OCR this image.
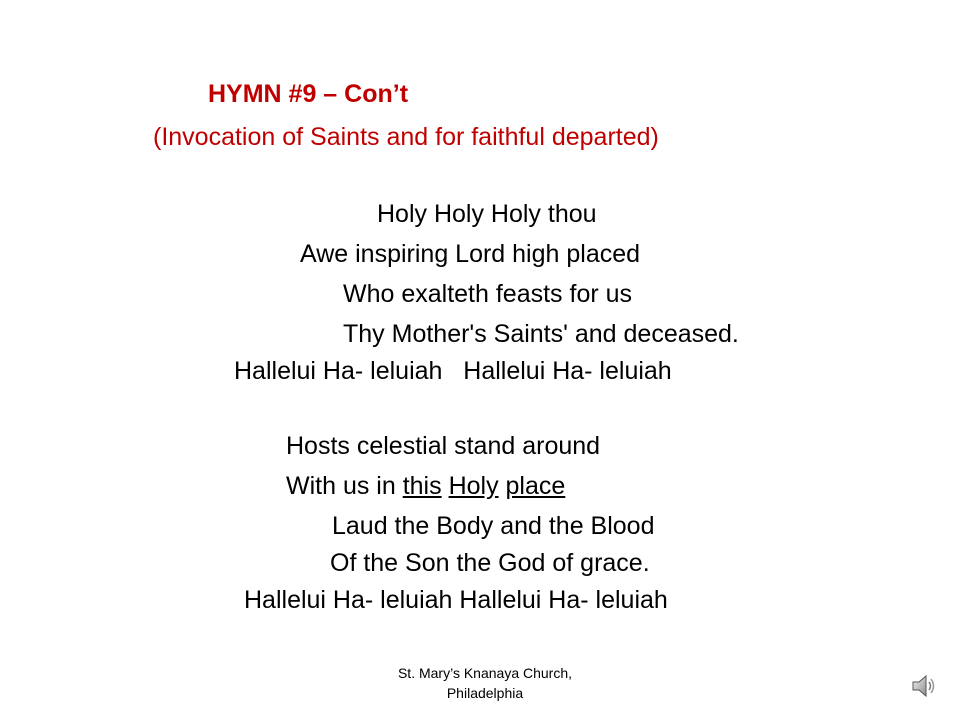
HYMN #9 – Con’t
(Invocation of Saints and for faithful departed)
Holy Holy Holy thou
Awe inspiring Lord high placed
Who exalteth feasts for us
Thy Mother's Saints' and deceased.
Hallelui Ha- leluiah   Hallelui Ha- leluiah
Hosts celestial stand around
With us in this Holy place
Laud the Body and the Blood
Of the Son the God of grace.
Hallelui Ha- leluiah Hallelui Ha- leluiah
St. Mary’s Knanaya Church,
Philadelphia
